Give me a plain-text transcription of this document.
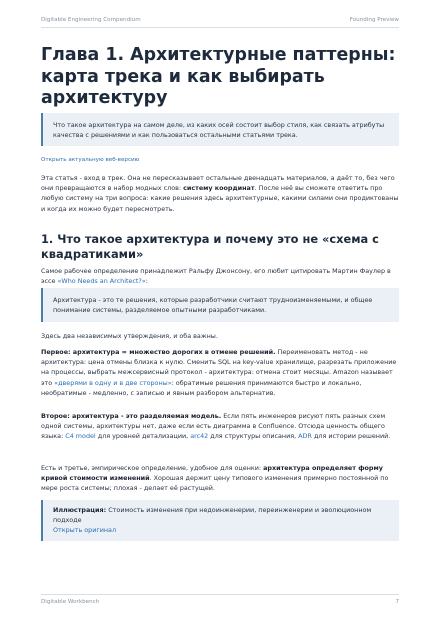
Digitable Engineering Compendium	Founding Preview
Глава 1. Архитектурные паттерны: карта трека и как выбирать архитектуру
Что такое архитектура на самом деле, из каких осей состоит выбор стиля, как связать атрибуты качества с решениями и как пользоваться остальными статьями трека.
Открыть актуальную веб-версию

Эта статья - вход в трек. Она не пересказывает остальные двенадцать материалов, а даёт то, без чего они превращаются в набор модных слов: систему координат. После неё вы сможете ответить про любую систему на три вопроса: какие решения здесь архитектурные, какими силами они продиктованы и когда их можно будет пересмотреть.

1. Что такое архитектура и почему это не «схема с квадратиками»

Самое рабочее определение принадлежит Ральфу Джонсону, его любит цитировать Мартин Фаулер в эссе «Who Needs an Architect?»:

Архитектура - это те решения, которые разработчики считают трудноизменяемыми, и общее понимание системы, разделяемое опытными разработчиками.

Здесь два независимых утверждения, и оба важны.

Первое: архитектура = множество дорогих в отмене решений. Переименовать метод - не архитектура: цена отмены близка к нулю. Сменить SQL на key-value хранилище, разрезать приложение на процессы, выбрать межсервисный протокол - архитектура: отмена стоит месяцы. Amazon называет это «дверями в одну и в две стороны»: обратимые решения принимаются быстро и локально, необратимые - медленно, с записью и явным разбором альтернатив.

Второе: архитектура - это разделяемая модель. Если пять инженеров рисуют пять разных схем одной системы, архитектуры нет, даже если есть диаграмма в Confluence. Отсюда ценность общего языка: C4 model для уровней детализации, arc42 для структуры описания, ADR для истории решений.

Есть и третье, эмпирическое определение, удобное для оценки: архитектура определяет форму кривой стоимости изменений. Хорошая держит цену типового изменения примерно постоянной по мере роста системы; плохая - делает её растущей.

Иллюстрация: Стоимость изменения при недоинженерии, переинженерии и эволюционном подходе
Открыть оригинал
Digitable Workbench	7
